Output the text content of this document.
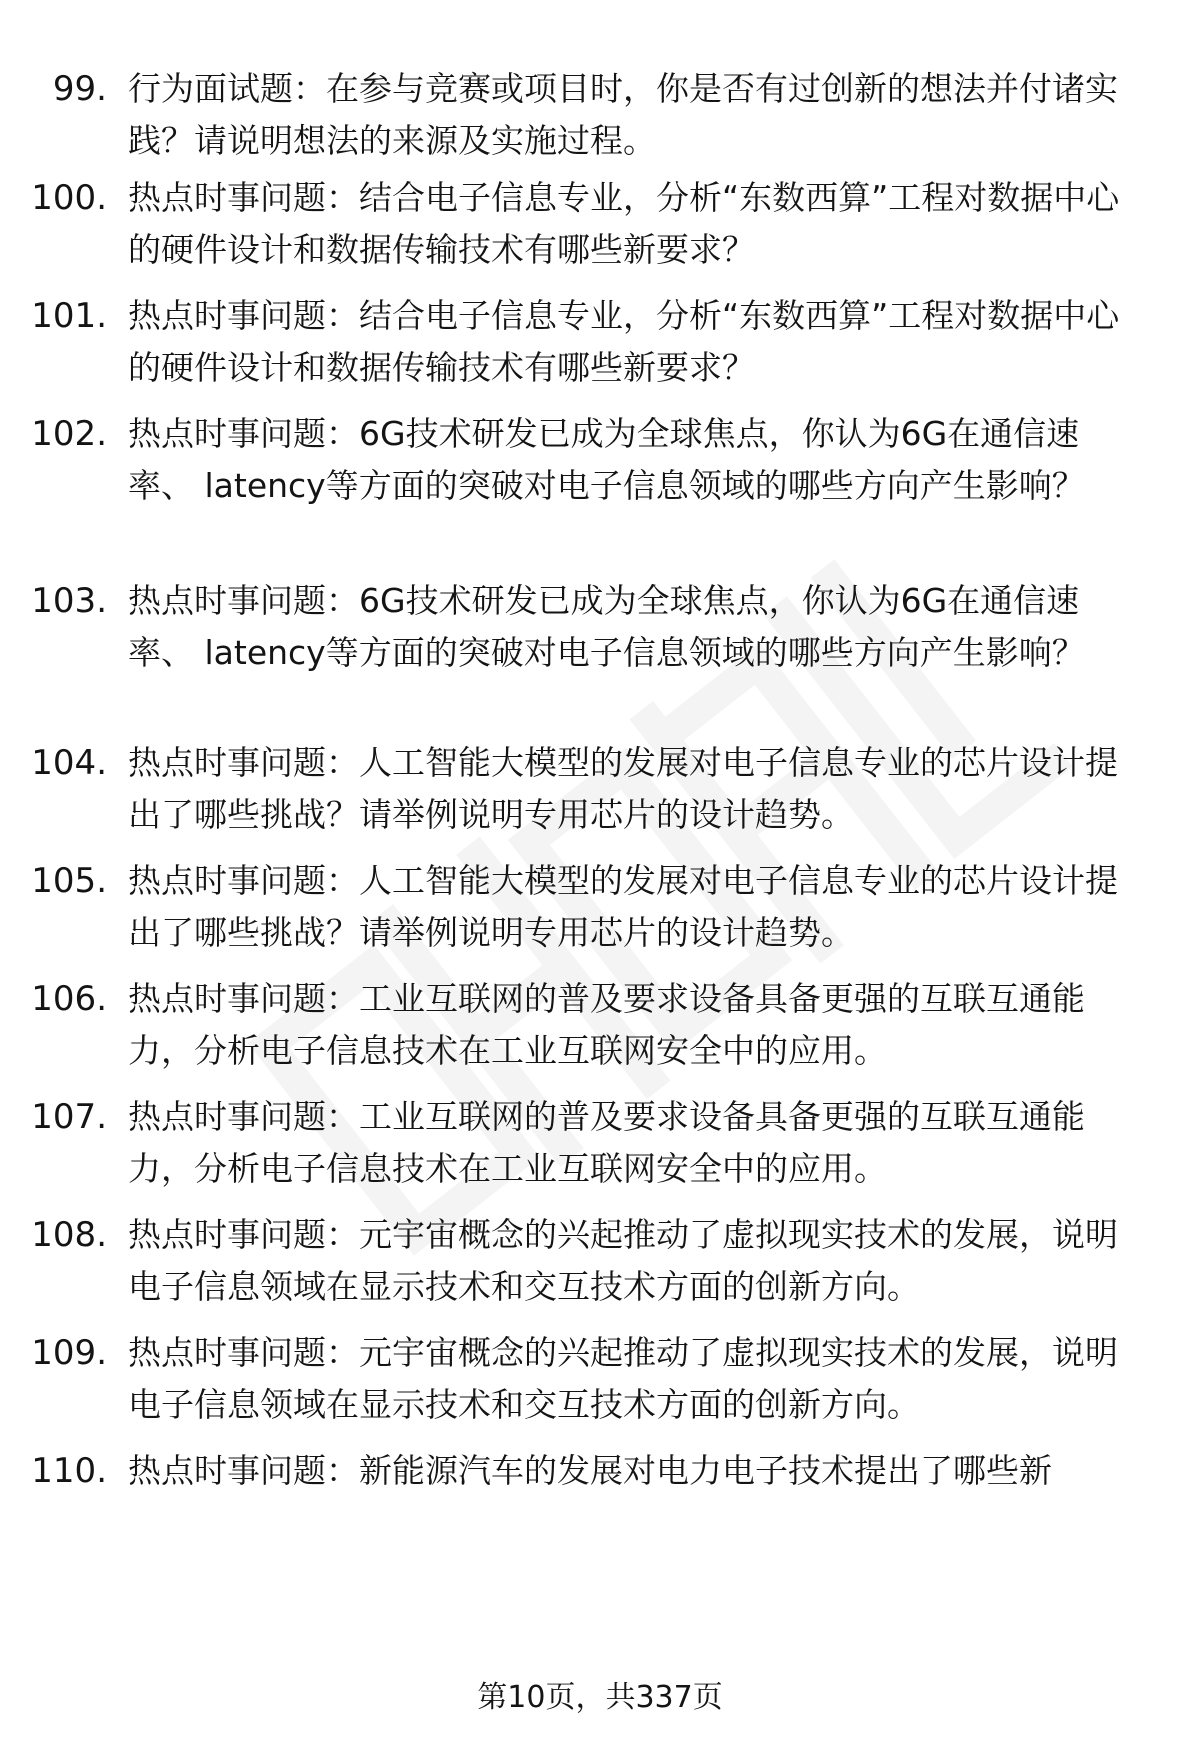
99. 行为面试题：在参与竞赛或项目时，你是否有过创新的想法并付诸实践？请说明想法的来源及实施过程。
100. 热点时事问题：结合电子信息专业，分析“东数西算”工程对数据中心的硬件设计和数据传输技术有哪些新要求？
101. 热点时事问题：结合电子信息专业，分析“东数西算”工程对数据中心的硬件设计和数据传输技术有哪些新要求？
102. 热点时事问题：6G技术研发已成为全球焦点，你认为6G在通信速率、 latency等方面的突破对电子信息领域的哪些方向产生影响？
103. 热点时事问题：6G技术研发已成为全球焦点，你认为6G在通信速率、 latency等方面的突破对电子信息领域的哪些方向产生影响？
104. 热点时事问题：人工智能大模型的发展对电子信息专业的芯片设计提出了哪些挑战？请举例说明专用芯片的设计趋势。
105. 热点时事问题：人工智能大模型的发展对电子信息专业的芯片设计提出了哪些挑战？请举例说明专用芯片的设计趋势。
106. 热点时事问题：工业互联网的普及要求设备具备更强的互联互通能力，分析电子信息技术在工业互联网安全中的应用。
107. 热点时事问题：工业互联网的普及要求设备具备更强的互联互通能力，分析电子信息技术在工业互联网安全中的应用。
108. 热点时事问题：元宇宙概念的兴起推动了虚拟现实技术的发展，说明电子信息领域在显示技术和交互技术方面的创新方向。
109. 热点时事问题：元宇宙概念的兴起推动了虚拟现实技术的发展，说明电子信息领域在显示技术和交互技术方面的创新方向。
110. 热点时事问题：新能源汽车的发展对电力电子技术提出了哪些新
第10页，共337页
